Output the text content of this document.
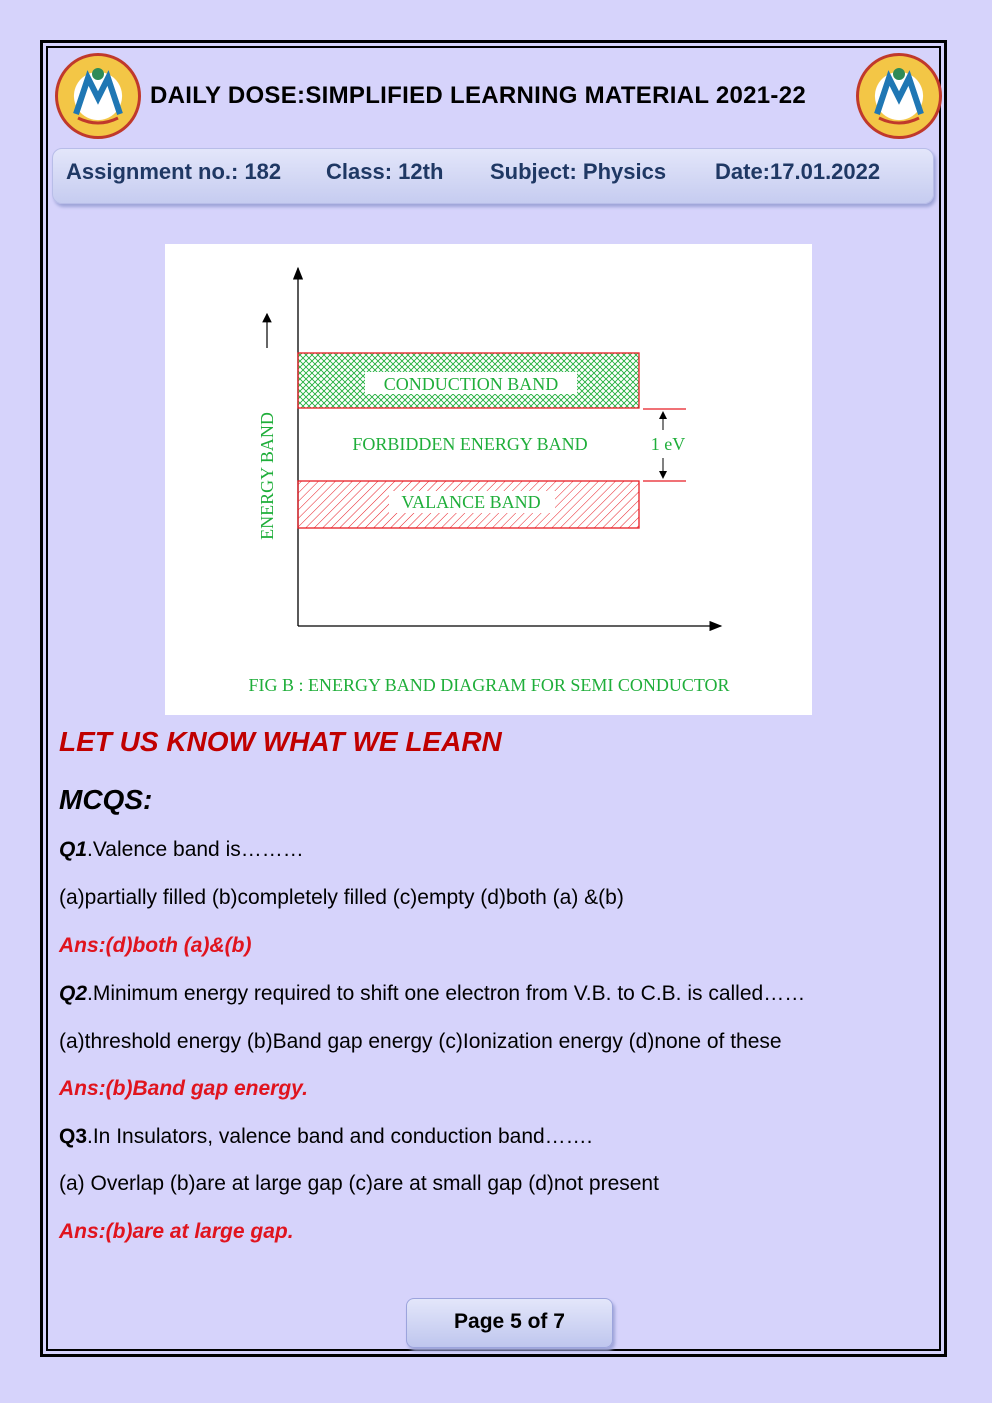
DAILY DOSE:SIMPLIFIED LEARNING MATERIAL 2021-22
Assignment no.: 182 Class: 12th Subject: Physics Date:17.01.2022
ENERGY BAND
CONDUCTION BAND
FORBIDDEN ENERGY BAND
VALANCE BAND
1 eV
FIG B : ENERGY BAND DIAGRAM FOR SEMI CONDUCTOR
LET US KNOW WHAT WE LEARN
MCQS:
Q1.Valence band is………
(a)partially filled (b)completely filled (c)empty (d)both (a) &(b)
Ans:(d)both (a)&(b)
Q2.Minimum energy required to shift one electron from V.B. to C.B. is called……
(a)threshold energy (b)Band gap energy (c)Ionization energy (d)none of these
Ans:(b)Band gap energy.
Q3.In Insulators, valence band and conduction band…….
(a) Overlap (b)are at large gap (c)are at small gap (d)not present
Ans:(b)are at large gap.
Page 5 of 7
